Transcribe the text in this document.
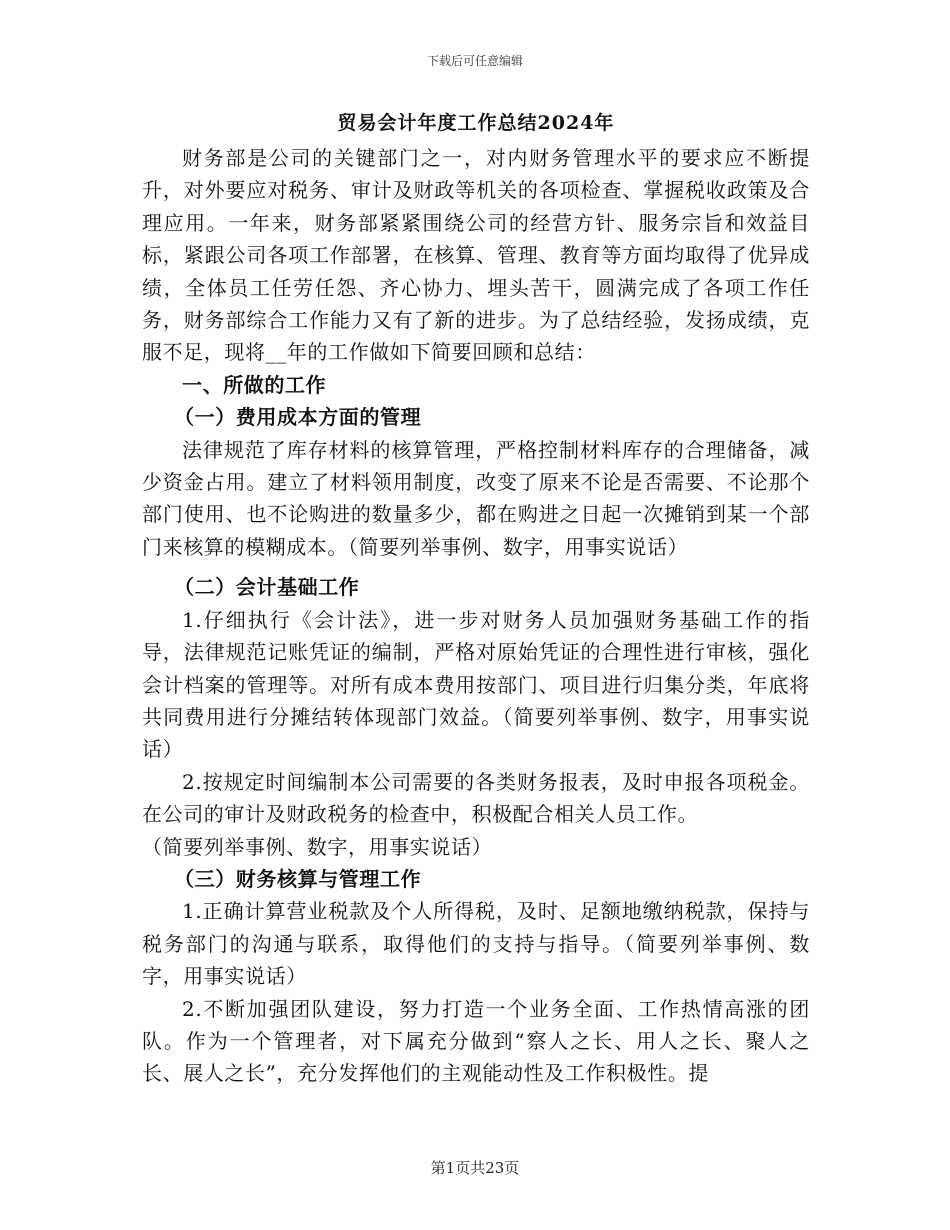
下载后可任意编辑
贸易会计年度工作总结2024年

财务部是公司的关键部门之一，对内财务管理水平的要求应不断提升，对外要应对税务、审计及财政等机关的各项检查、掌握税收政策及合理应用。一年来，财务部紧紧围绕公司的经营方针、服务宗旨和效益目标，紧跟公司各项工作部署，在核算、管理、教育等方面均取得了优异成绩，全体员工任劳任怨、齐心协力、埋头苦干，圆满完成了各项工作任务，财务部综合工作能力又有了新的进步。为了总结经验，发扬成绩，克服不足，现将__年的工作做如下简要回顾和总结：

一、所做的工作
（一）费用成本方面的管理

法律规范了库存材料的核算管理，严格控制材料库存的合理储备，减少资金占用。建立了材料领用制度，改变了原来不论是否需要、不论那个部门使用、也不论购进的数量多少，都在购进之日起一次摊销到某一个部门来核算的模糊成本。（简要列举事例、数字，用事实说话）

（二）会计基础工作

1.仔细执行《会计法》，进一步对财务人员加强财务基础工作的指导，法律规范记账凭证的编制，严格对原始凭证的合理性进行审核，强化会计档案的管理等。对所有成本费用按部门、项目进行归集分类，年底将共同费用进行分摊结转体现部门效益。（简要列举事例、数字，用事实说话）

2.按规定时间编制本公司需要的各类财务报表，及时申报各项税金。在公司的审计及财政税务的检查中，积极配合相关人员工作。

（简要列举事例、数字，用事实说话）

（三）财务核算与管理工作

1.正确计算营业税款及个人所得税，及时、足额地缴纳税款，保持与税务部门的沟通与联系，取得他们的支持与指导。（简要列举事例、数字，用事实说话）

2.不断加强团队建设，努力打造一个业务全面、工作热情高涨的团队。作为一个管理者，对下属充分做到“察人之长、用人之长、聚人之长、展人之长”，充分发挥他们的主观能动性及工作积极性。提

第1页共23页
